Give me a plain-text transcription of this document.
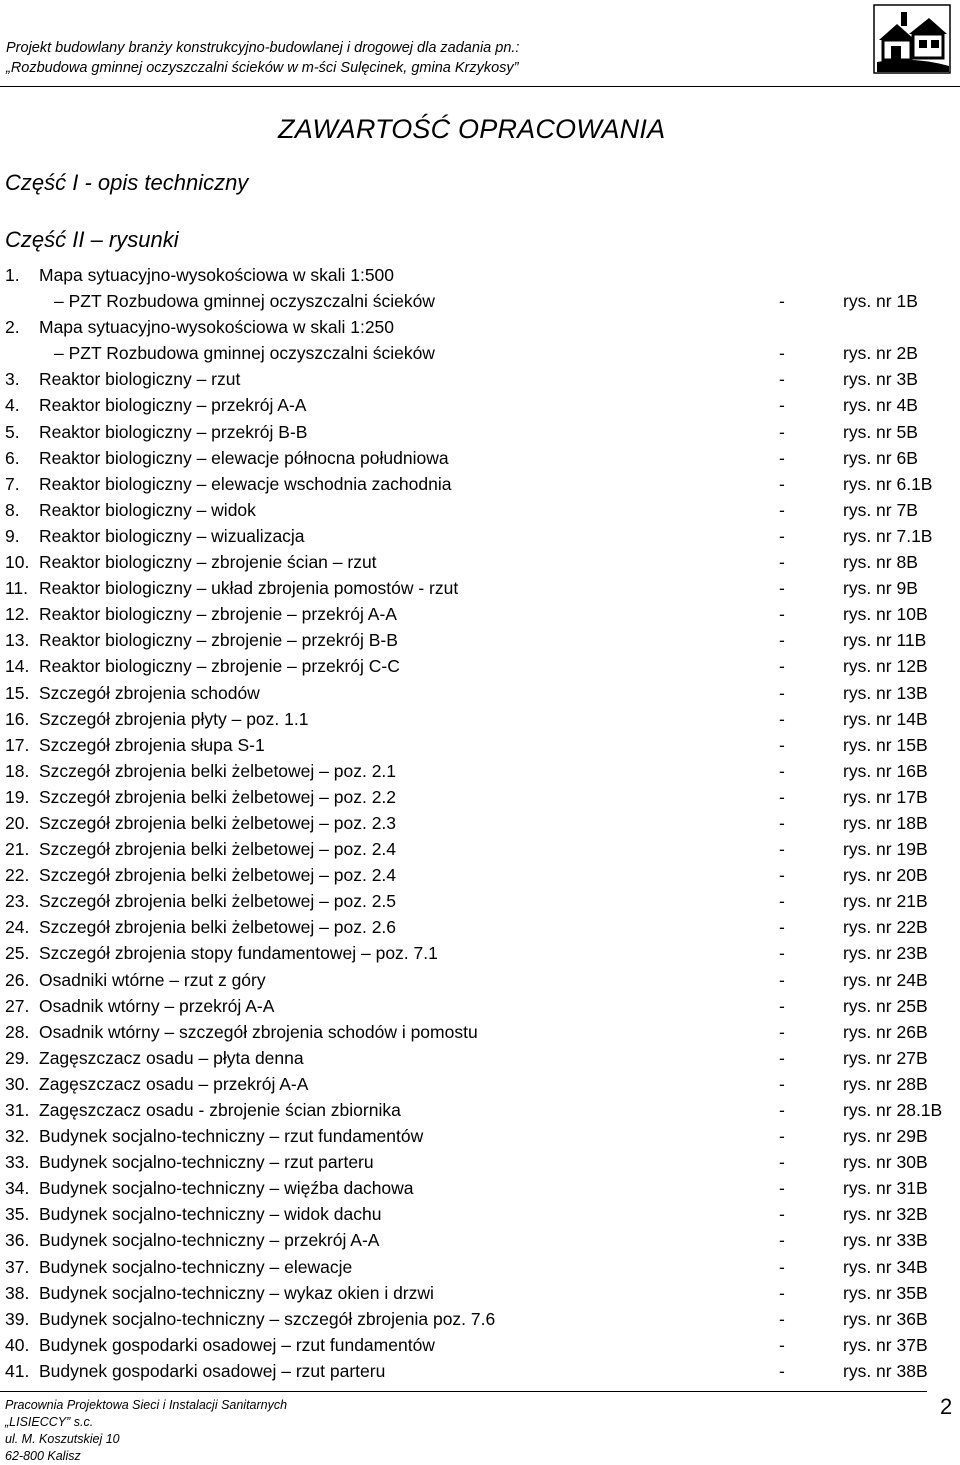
Projekt budowlany branży konstrukcyjno-budowlanej i drogowej dla zadania pn.:
„Rozbudowa gminnej oczyszczalni ścieków w m-ści Sulęcinek, gmina Krzykosy”
ZAWARTOŚĆ OPRACOWANIA
Część I - opis techniczny
Część II – rysunki
1. Mapa sytuacyjno-wysokościowa w skali 1:500
– PZT Rozbudowa gminnej oczyszczalni ścieków	-	rys. nr 1B
2. Mapa sytuacyjno-wysokościowa w skali 1:250
– PZT Rozbudowa gminnej oczyszczalni ścieków	-	rys. nr 2B
3. Reaktor biologiczny – rzut	-	rys. nr 3B
4. Reaktor biologiczny – przekrój A-A	-	rys. nr 4B
5. Reaktor biologiczny – przekrój B-B	-	rys. nr 5B
6. Reaktor biologiczny – elewacje północna południowa	-	rys. nr 6B
7. Reaktor biologiczny – elewacje wschodnia zachodnia	-	rys. nr 6.1B
8. Reaktor biologiczny – widok	-	rys. nr 7B
9. Reaktor biologiczny – wizualizacja	-	rys. nr 7.1B
10. Reaktor biologiczny – zbrojenie ścian – rzut	-	rys. nr 8B
11. Reaktor biologiczny – układ zbrojenia pomostów - rzut	-	rys. nr 9B
12. Reaktor biologiczny – zbrojenie – przekrój A-A	-	rys. nr 10B
13. Reaktor biologiczny – zbrojenie – przekrój B-B	-	rys. nr 11B
14. Reaktor biologiczny – zbrojenie – przekrój C-C	-	rys. nr 12B
15. Szczegół zbrojenia schodów	-	rys. nr 13B
16. Szczegół zbrojenia płyty – poz. 1.1	-	rys. nr 14B
17. Szczegół zbrojenia słupa S-1	-	rys. nr 15B
18. Szczegół zbrojenia belki żelbetowej – poz. 2.1	-	rys. nr 16B
19. Szczegół zbrojenia belki żelbetowej – poz. 2.2	-	rys. nr 17B
20. Szczegół zbrojenia belki żelbetowej – poz. 2.3	-	rys. nr 18B
21. Szczegół zbrojenia belki żelbetowej – poz. 2.4	-	rys. nr 19B
22. Szczegół zbrojenia belki żelbetowej – poz. 2.4	-	rys. nr 20B
23. Szczegół zbrojenia belki żelbetowej – poz. 2.5	-	rys. nr 21B
24. Szczegół zbrojenia belki żelbetowej – poz. 2.6	-	rys. nr 22B
25. Szczegół zbrojenia stopy fundamentowej – poz. 7.1	-	rys. nr 23B
26. Osadniki wtórne – rzut z góry	-	rys. nr 24B
27. Osadnik wtórny – przekrój A-A	-	rys. nr 25B
28. Osadnik wtórny – szczegół zbrojenia schodów i pomostu	-	rys. nr 26B
29. Zagęszczacz osadu – płyta denna	-	rys. nr 27B
30. Zagęszczacz osadu – przekrój A-A	-	rys. nr 28B
31. Zagęszczacz osadu - zbrojenie ścian zbiornika	-	rys. nr 28.1B
32. Budynek socjalno-techniczny – rzut fundamentów	-	rys. nr 29B
33. Budynek socjalno-techniczny – rzut parteru	-	rys. nr 30B
34. Budynek socjalno-techniczny – więźba dachowa	-	rys. nr 31B
35. Budynek socjalno-techniczny – widok dachu	-	rys. nr 32B
36. Budynek socjalno-techniczny – przekrój A-A	-	rys. nr 33B
37. Budynek socjalno-techniczny – elewacje	-	rys. nr 34B
38. Budynek socjalno-techniczny – wykaz okien i drzwi	-	rys. nr 35B
39. Budynek socjalno-techniczny – szczegół zbrojenia poz. 7.6	-	rys. nr 36B
40. Budynek gospodarki osadowej – rzut fundamentów	-	rys. nr 37B
41. Budynek gospodarki osadowej – rzut parteru	-	rys. nr 38B
Pracownia Projektowa Sieci i Instalacji Sanitarnych
„LISIECCY” s.c.
ul. M. Koszutskiej 10
62-800 Kalisz
2
